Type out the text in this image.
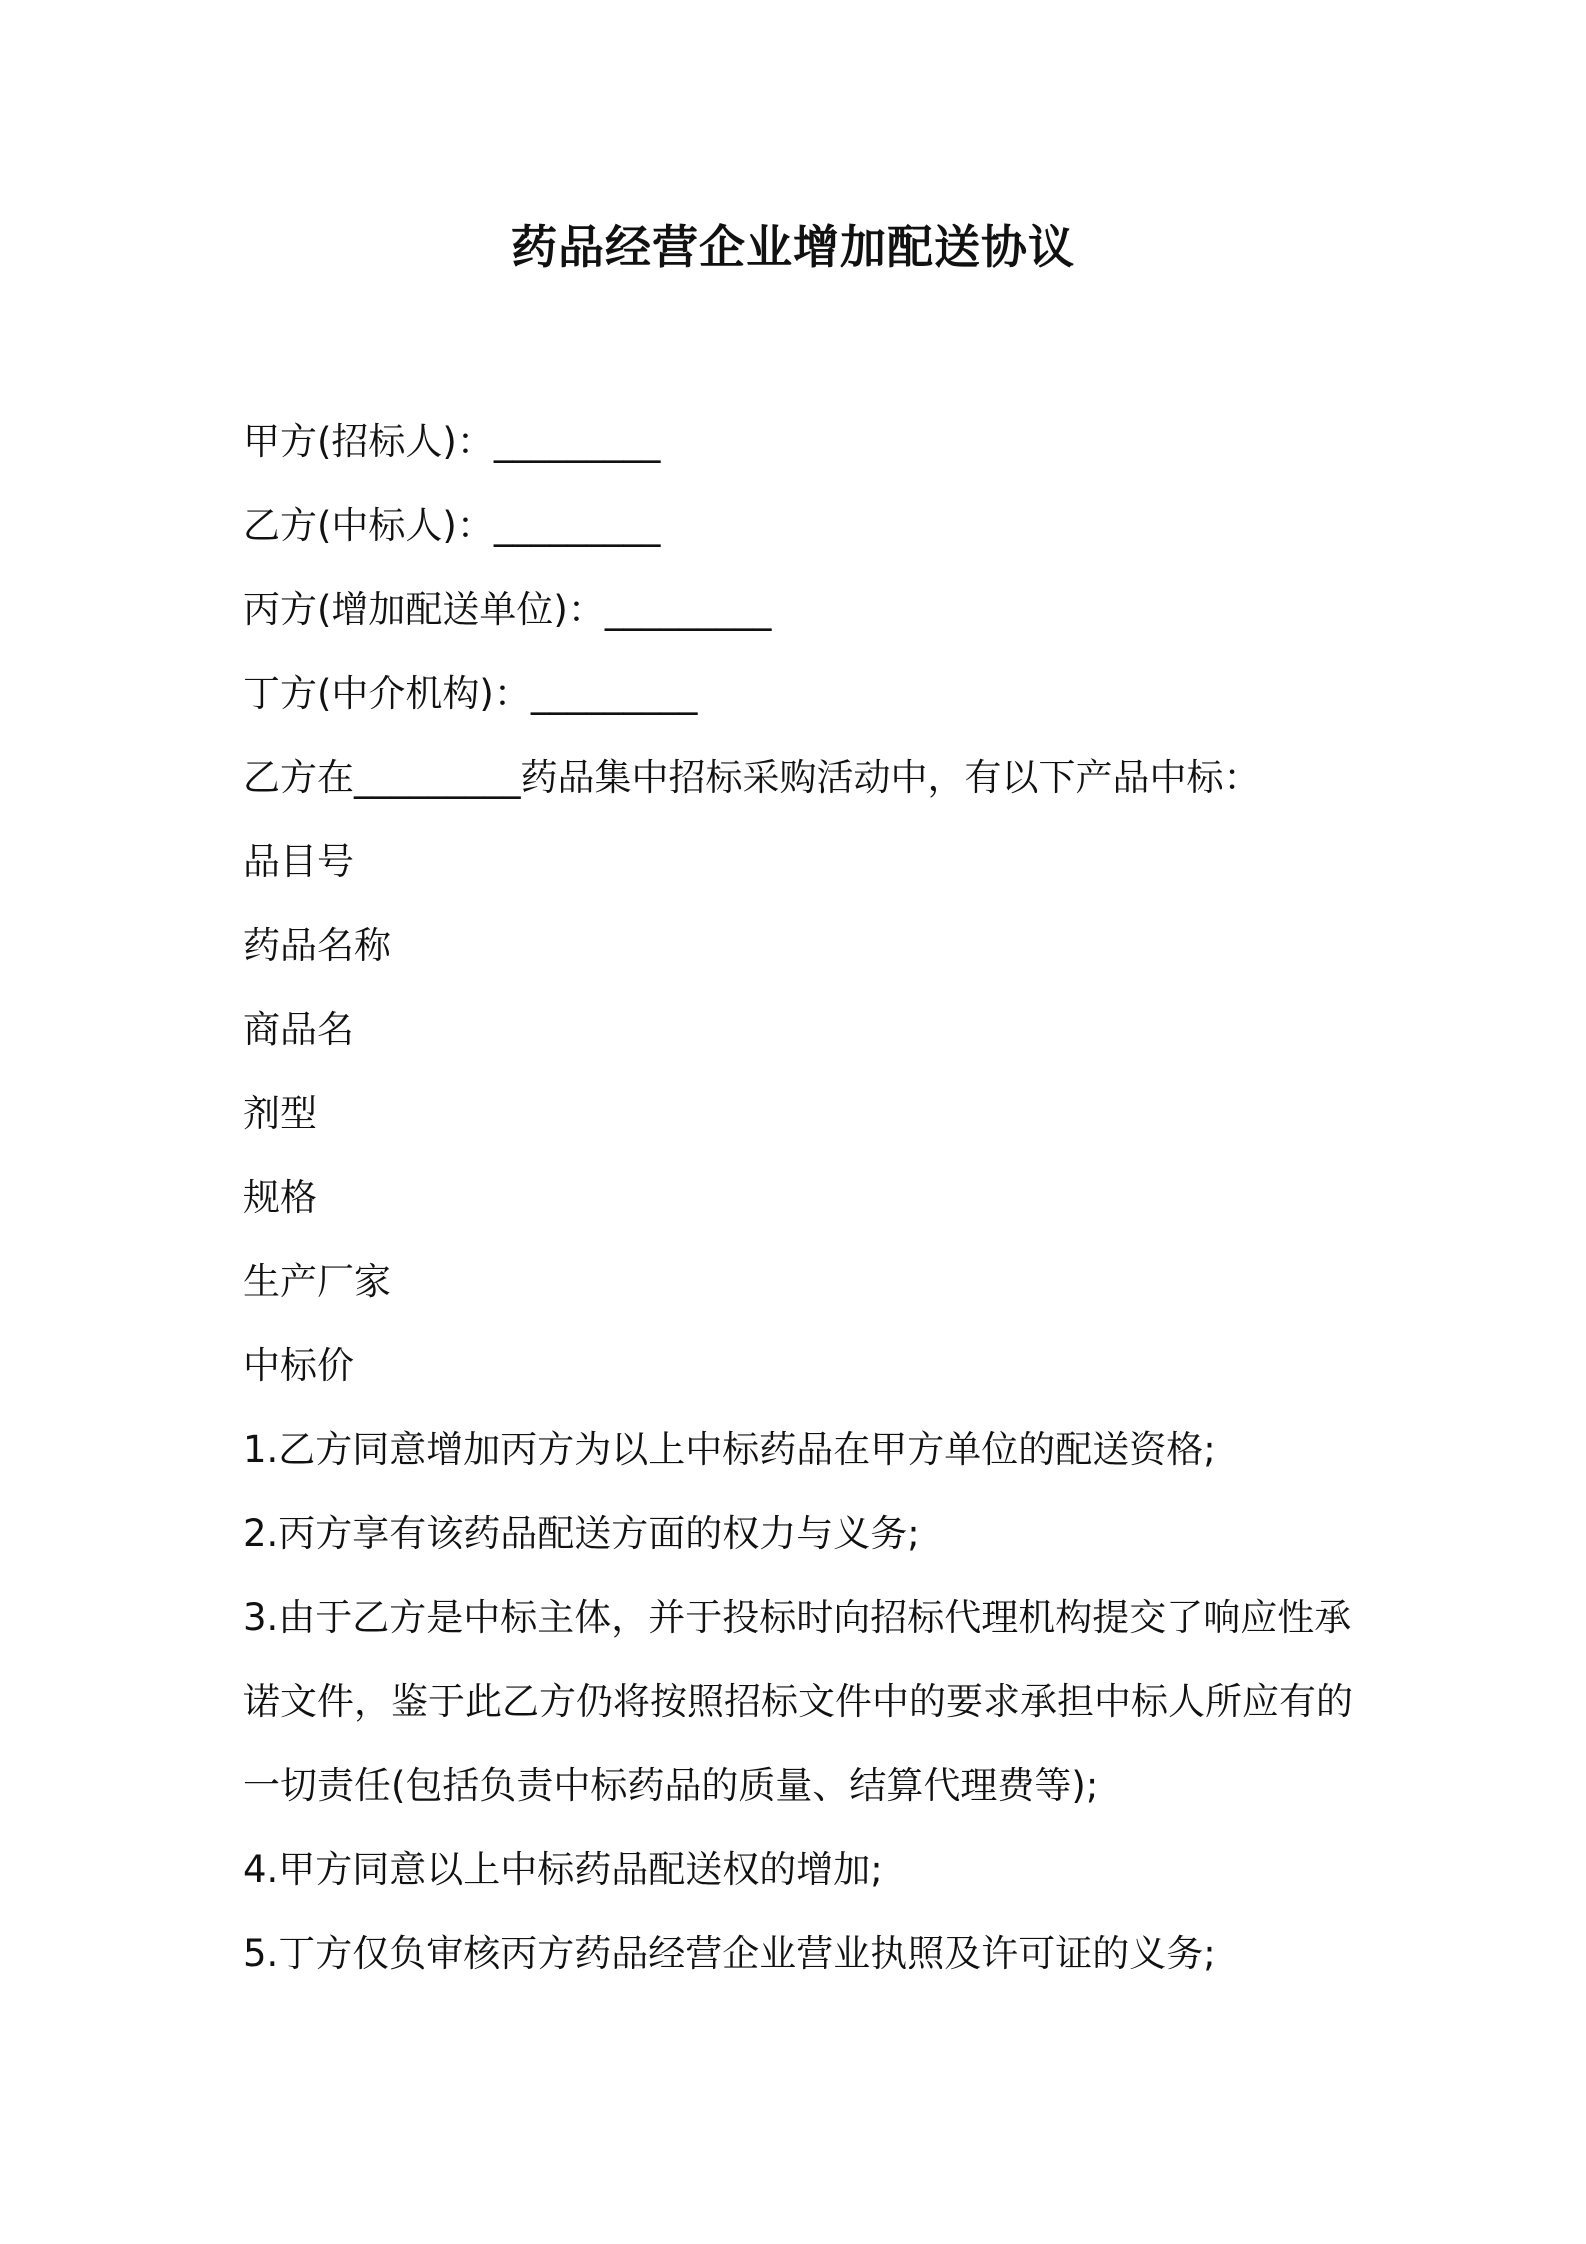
药品经营企业增加配送协议
甲方(招标人)：_________
乙方(中标人)：_________
丙方(增加配送单位)：_________
丁方(中介机构)：_________
乙方在_________药品集中招标采购活动中，有以下产品中标：
品目号
药品名称
商品名
剂型
规格
生产厂家
中标价
1.乙方同意增加丙方为以上中标药品在甲方单位的配送资格;
2.丙方享有该药品配送方面的权力与义务;
3.由于乙方是中标主体，并于投标时向招标代理机构提交了响应性承
诺文件，鉴于此乙方仍将按照招标文件中的要求承担中标人所应有的
一切责任(包括负责中标药品的质量、结算代理费等);
4.甲方同意以上中标药品配送权的增加;
5.丁方仅负审核丙方药品经营企业营业执照及许可证的义务;
